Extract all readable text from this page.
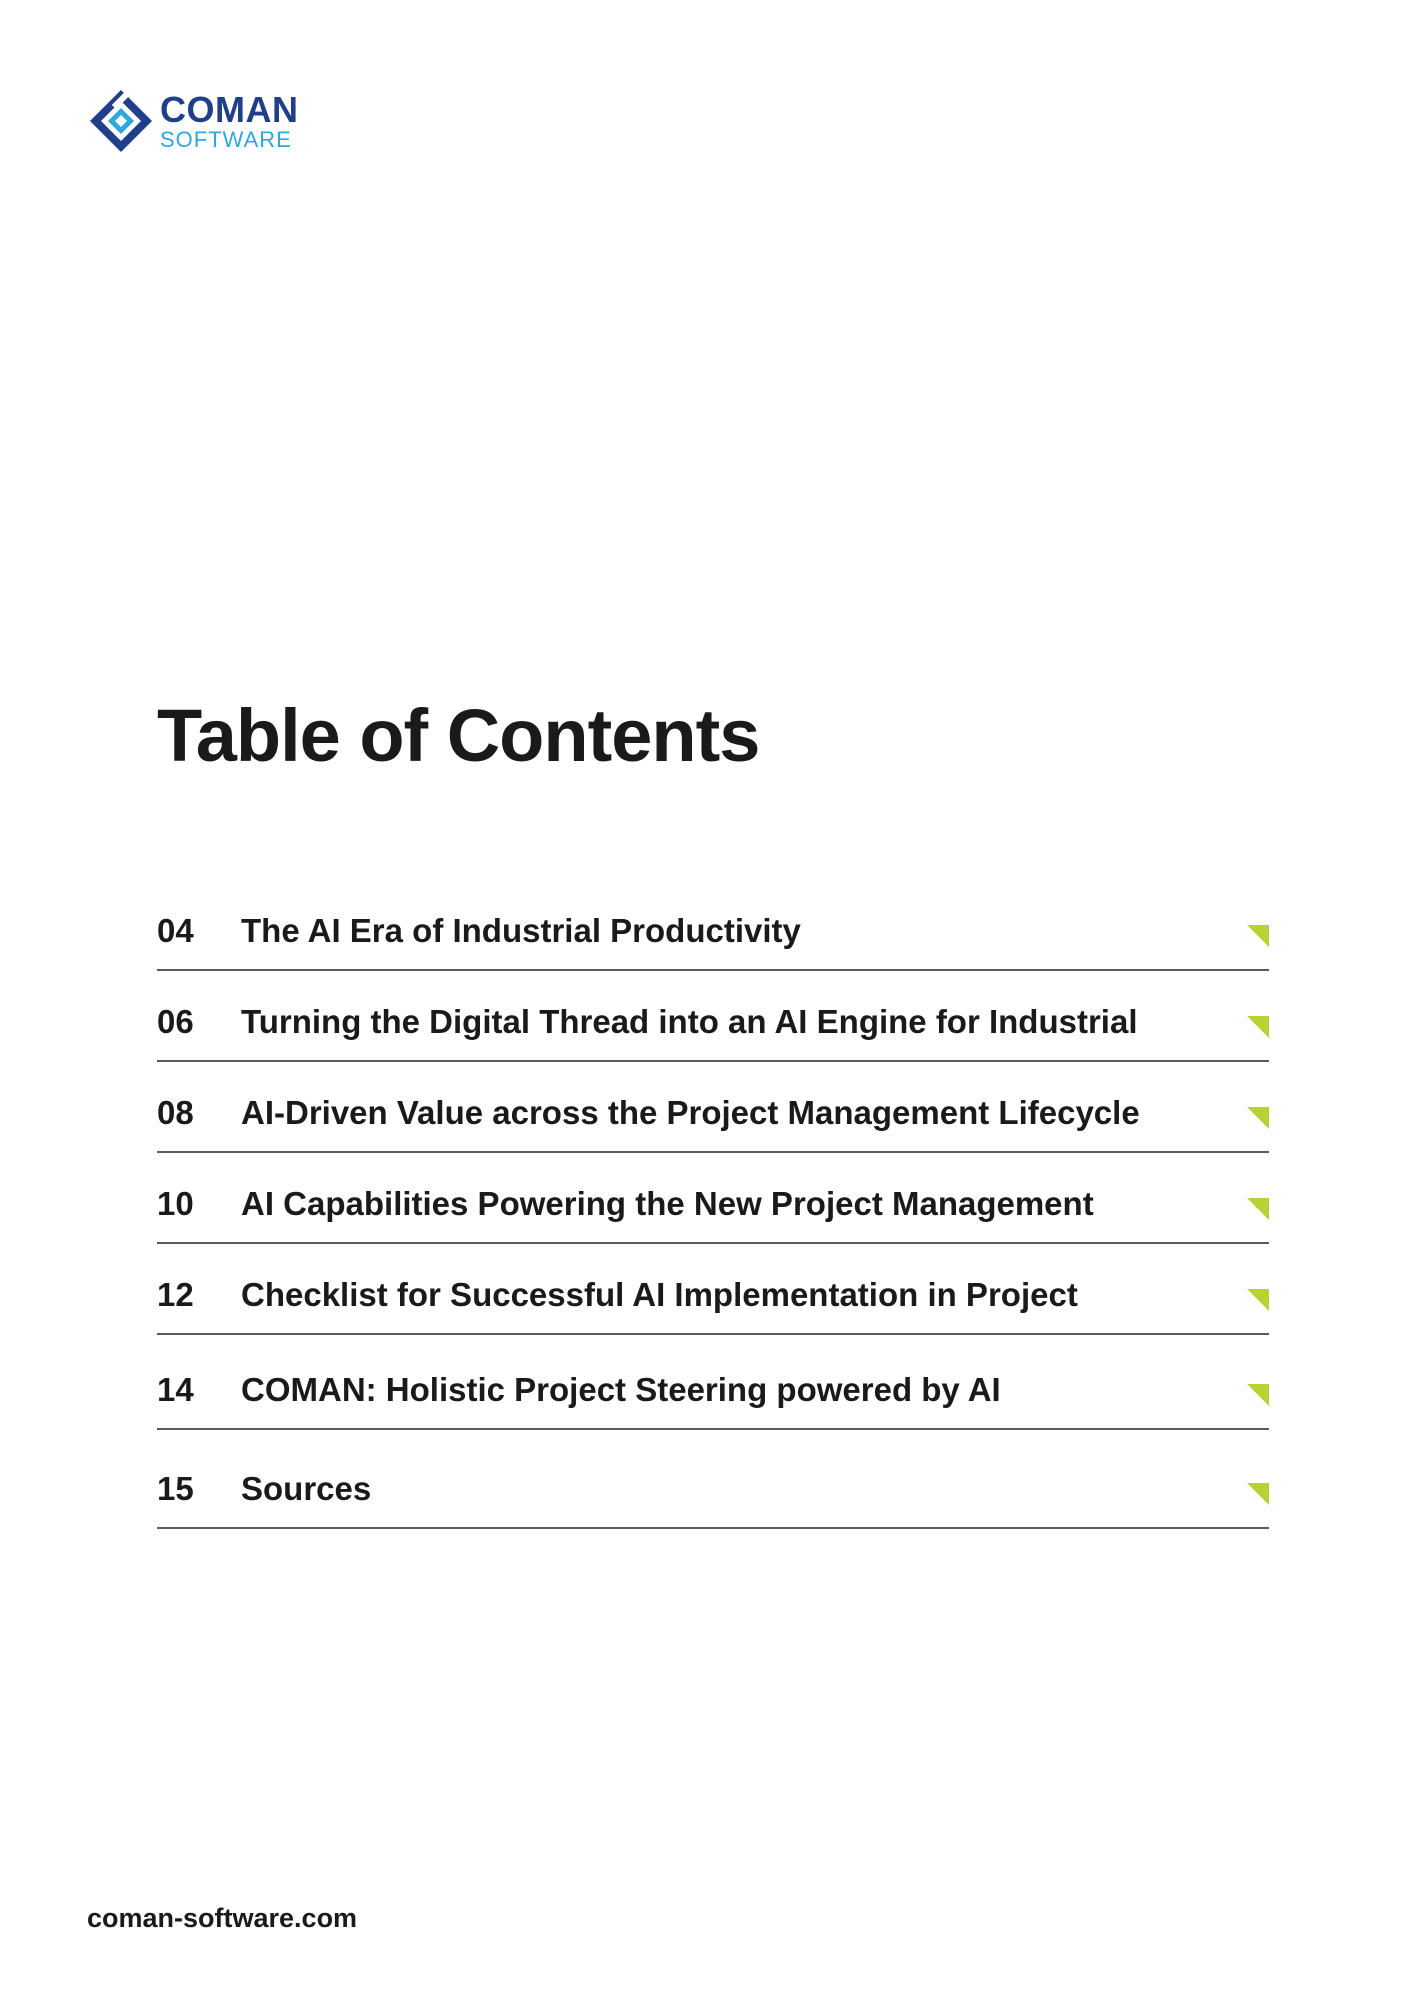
COMAN
SOFTWARE
Table of Contents
04 The AI Era of Industrial Productivity
06 Turning the Digital Thread into an AI Engine for Industrial
08 AI-Driven Value across the Project Management Lifecycle
10 AI Capabilities Powering the New Project Management
12 Checklist for Successful AI Implementation in Project
14 COMAN: Holistic Project Steering powered by AI
15 Sources
coman-software.com
